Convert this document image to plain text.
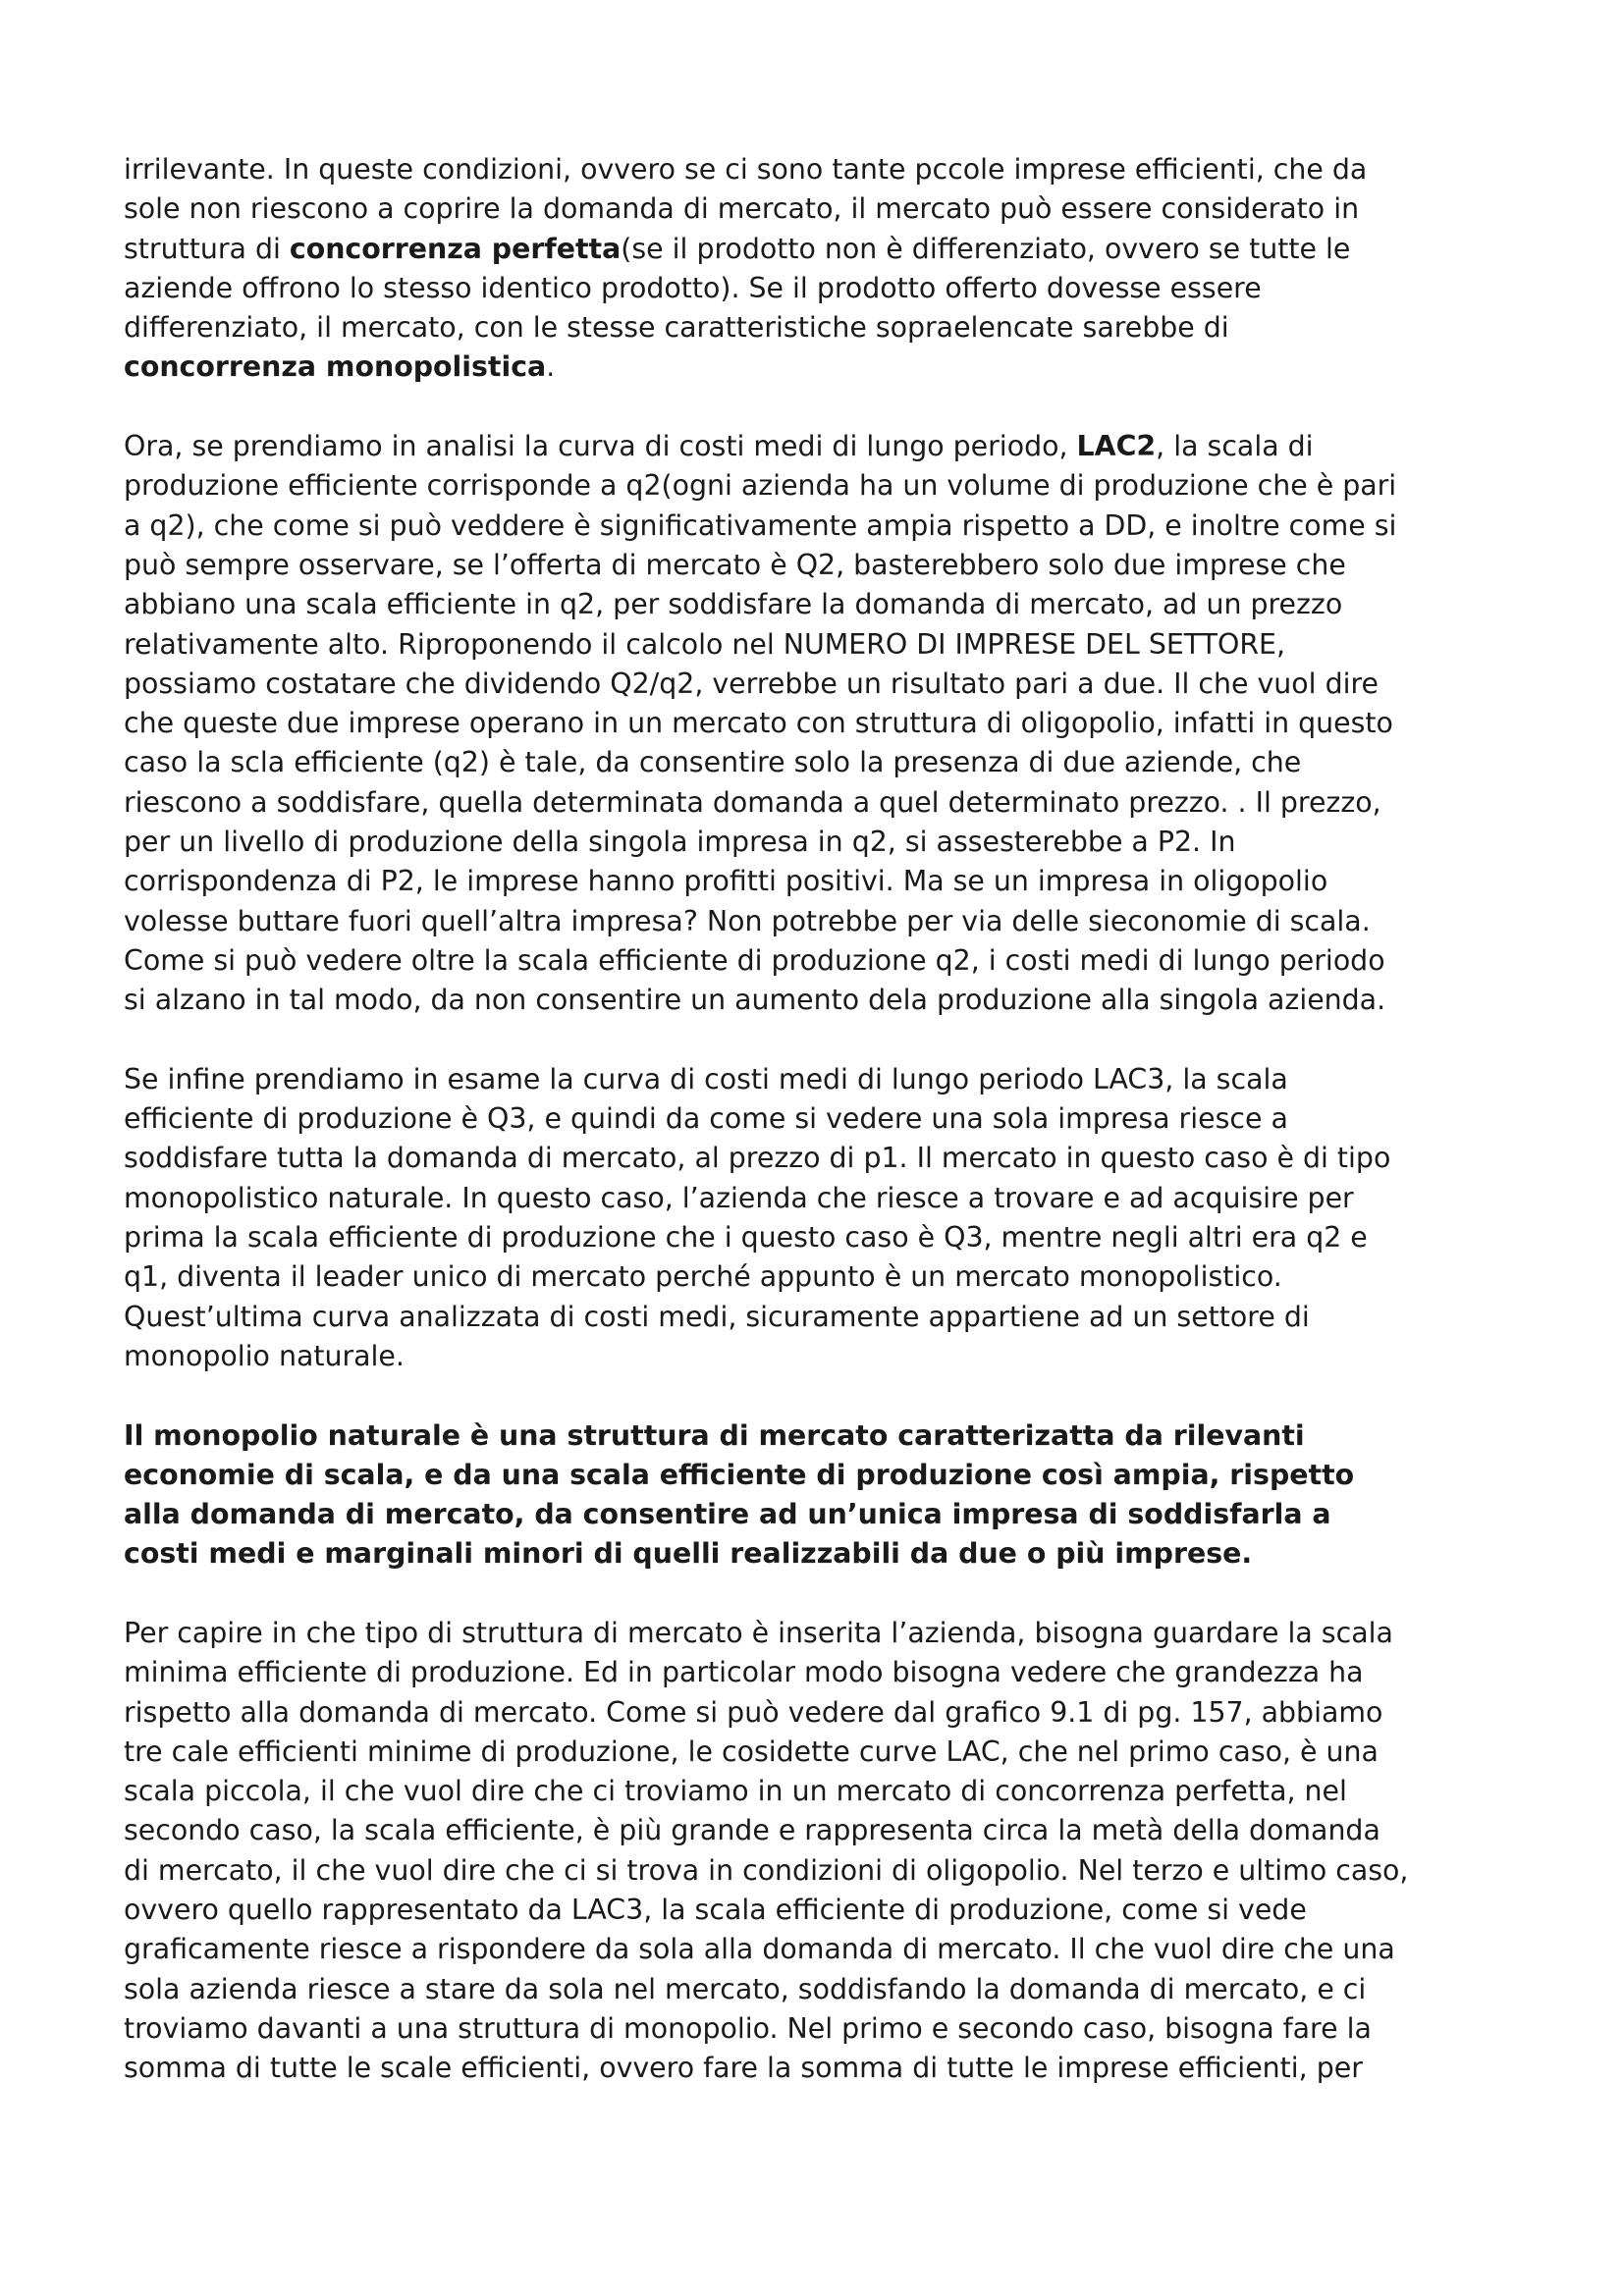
irrilevante. In queste condizioni, ovvero se ci sono tante pccole imprese efficienti, che da
sole non riescono a coprire la domanda di mercato, il mercato può essere considerato in
struttura di concorrenza perfetta(se il prodotto non è differenziato, ovvero se tutte le
aziende offrono lo stesso identico prodotto). Se il prodotto offerto dovesse essere
differenziato, il mercato, con le stesse caratteristiche sopraelencate sarebbe di
concorrenza monopolistica.

Ora, se prendiamo in analisi la curva di costi medi di lungo periodo, LAC2, la scala di
produzione efficiente corrisponde a q2(ogni azienda ha un volume di produzione che è pari
a q2), che come si può veddere è significativamente ampia rispetto a DD, e inoltre come si
può sempre osservare, se l’offerta di mercato è Q2, basterebbero solo due imprese che
abbiano una scala efficiente in q2, per soddisfare la domanda di mercato, ad un prezzo
relativamente alto. Riproponendo il calcolo nel NUMERO DI IMPRESE DEL SETTORE,
possiamo costatare che dividendo Q2/q2, verrebbe un risultato pari a due. Il che vuol dire
che queste due imprese operano in un mercato con struttura di oligopolio, infatti in questo
caso la scla efficiente (q2) è tale, da consentire solo la presenza di due aziende, che
riescono a soddisfare, quella determinata domanda a quel determinato prezzo. . Il prezzo,
per un livello di produzione della singola impresa in q2, si assesterebbe a P2. In
corrispondenza di P2, le imprese hanno profitti positivi. Ma se un impresa in oligopolio
volesse buttare fuori quell’altra impresa? Non potrebbe per via delle sieconomie di scala.
Come si può vedere oltre la scala efficiente di produzione q2, i costi medi di lungo periodo
si alzano in tal modo, da non consentire un aumento dela produzione alla singola azienda.

Se infine prendiamo in esame la curva di costi medi di lungo periodo LAC3, la scala
efficiente di produzione è Q3, e quindi da come si vedere una sola impresa riesce a
soddisfare tutta la domanda di mercato, al prezzo di p1. Il mercato in questo caso è di tipo
monopolistico naturale. In questo caso, l’azienda che riesce a trovare e ad acquisire per
prima la scala efficiente di produzione che i questo caso è Q3, mentre negli altri era q2 e
q1, diventa il leader unico di mercato perché appunto è un mercato monopolistico.
Quest’ultima curva analizzata di costi medi, sicuramente appartiene ad un settore di
monopolio naturale.

Il monopolio naturale è una struttura di mercato caratterizatta da rilevanti
economie di scala, e da una scala efficiente di produzione così ampia, rispetto
alla domanda di mercato, da consentire ad un’unica impresa di soddisfarla a
costi medi e marginali minori di quelli realizzabili da due o più imprese.

Per capire in che tipo di struttura di mercato è inserita l’azienda, bisogna guardare la scala
minima efficiente di produzione. Ed in particolar modo bisogna vedere che grandezza ha
rispetto alla domanda di mercato. Come si può vedere dal grafico 9.1 di pg. 157, abbiamo
tre cale efficienti minime di produzione, le cosidette curve LAC, che nel primo caso, è una
scala piccola, il che vuol dire che ci troviamo in un mercato di concorrenza perfetta, nel
secondo caso, la scala efficiente, è più grande e rappresenta circa la metà della domanda
di mercato, il che vuol dire che ci si trova in condizioni di oligopolio. Nel terzo e ultimo caso,
ovvero quello rappresentato da LAC3, la scala efficiente di produzione, come si vede
graficamente riesce a rispondere da sola alla domanda di mercato. Il che vuol dire che una
sola azienda riesce a stare da sola nel mercato, soddisfando la domanda di mercato, e ci
troviamo davanti a una struttura di monopolio. Nel primo e secondo caso, bisogna fare la
somma di tutte le scale efficienti, ovvero fare la somma di tutte le imprese efficienti, per
